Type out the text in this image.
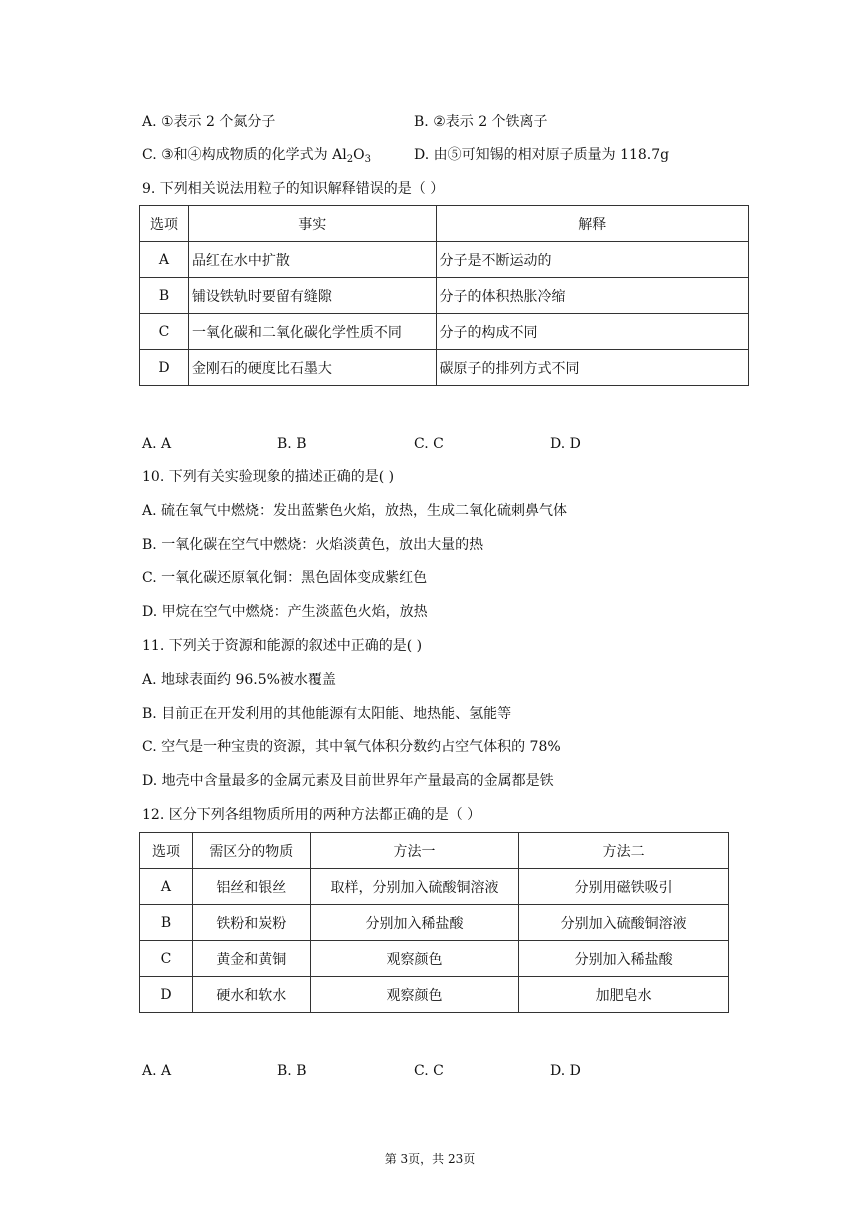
A. ①表示 2 个氮分子	B. ②表示 2 个铁离子
C. ③和④构成物质的化学式为 $Al_2O_3$	D. 由⑤可知锡的相对原子质量为 118.7g
9. 下列相关说法用粒子的知识解释错误的是（ ）
选项	事实	解释
A	品红在水中扩散	分子是不断运动的
B	铺设铁轨时要留有缝隙	分子的体积热胀冷缩
C	一氧化碳和二氧化碳化学性质不同	分子的构成不同
D	金刚石的硬度比石墨大	碳原子的排列方式不同
A. A	B. B	C. C	D. D
10. 下列有关实验现象的描述正确的是( )
A. 硫在氧气中燃烧：发出蓝紫色火焰，放热，生成二氧化硫刺鼻气体
B. 一氧化碳在空气中燃烧：火焰淡黄色，放出大量的热
C. 一氧化碳还原氧化铜：黑色固体变成紫红色
D. 甲烷在空气中燃烧：产生淡蓝色火焰，放热
11. 下列关于资源和能源的叙述中正确的是( )
A. 地球表面约 96.5%被水覆盖
B. 目前正在开发利用的其他能源有太阳能、地热能、氢能等
C. 空气是一种宝贵的资源，其中氧气体积分数约占空气体积的 78%
D. 地壳中含量最多的金属元素及目前世界年产量最高的金属都是铁
12. 区分下列各组物质所用的两种方法都正确的是（ ）
选项	需区分的物质	方法一	方法二
A	铝丝和银丝	取样，分别加入硫酸铜溶液	分别用磁铁吸引
B	铁粉和炭粉	分别加入稀盐酸	分别加入硫酸铜溶液
C	黄金和黄铜	观察颜色	分别加入稀盐酸
D	硬水和软水	观察颜色	加肥皂水
A. A	B. B	C. C	D. D
第 3页，共 23页
